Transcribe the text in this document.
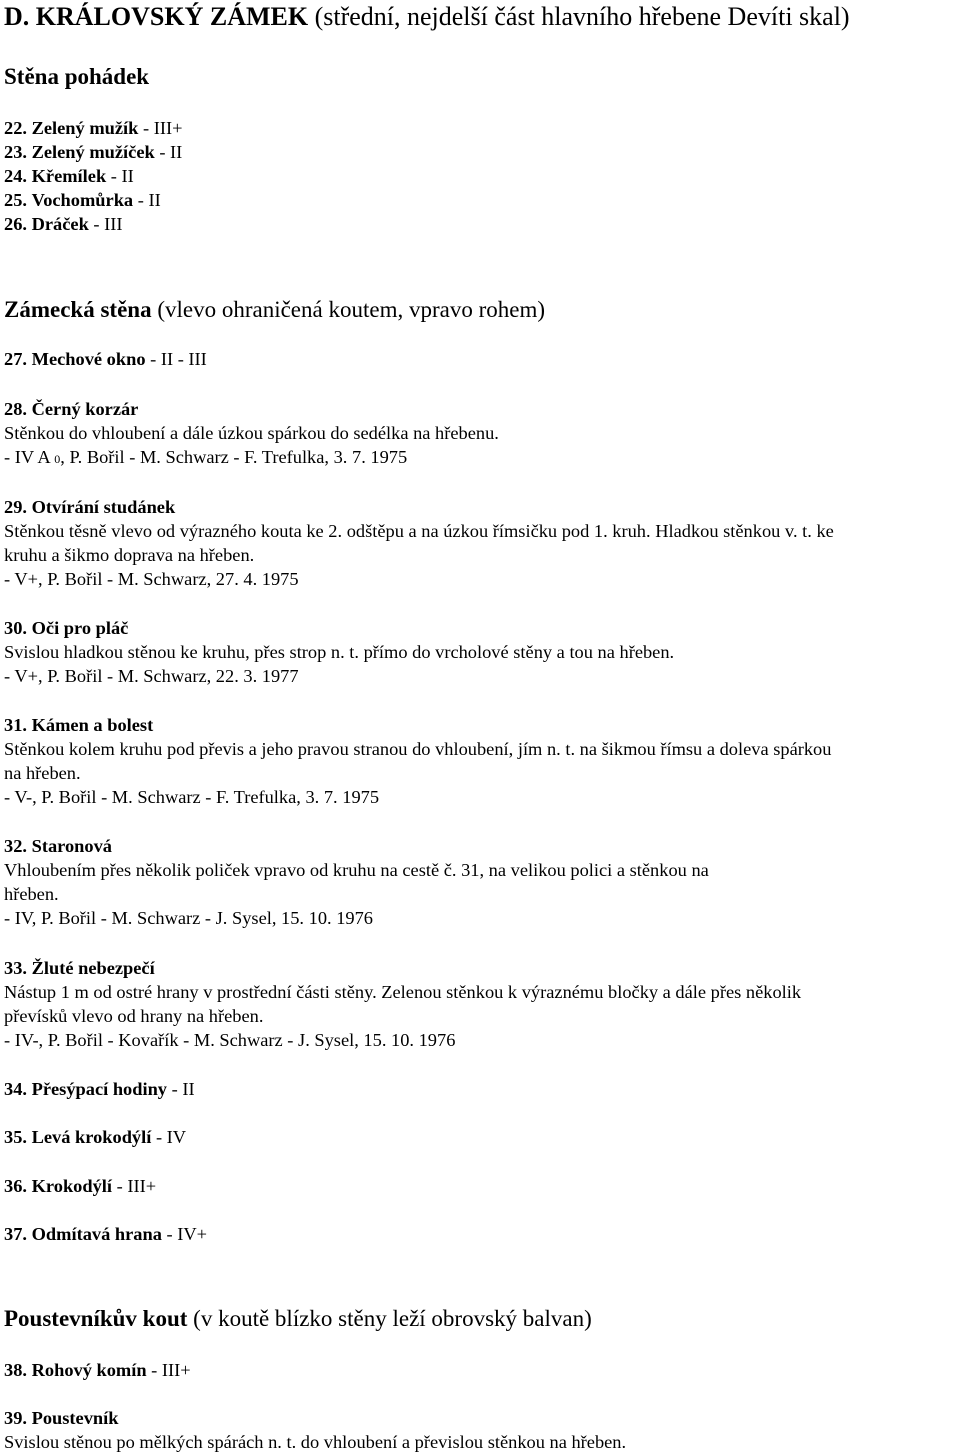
D. KRÁLOVSKÝ ZÁMEK (střední, nejdelší část hlavního hřebene Devíti skal)
Stěna pohádek
22. Zelený mužík - III+
23. Zelený mužíček - II
24. Křemílek - II
25. Vochomůrka - II
26. Dráček - III
Zámecká stěna (vlevo ohraničená koutem, vpravo rohem)
27. Mechové okno - II - III
28. Černý korzár
Stěnkou do vhloubení a dále úzkou spárkou do sedélka na hřebenu.
- IV A 0, P. Bořil - M. Schwarz - F. Trefulka, 3. 7. 1975
29. Otvírání studánek
Stěnkou těsně vlevo od výrazného kouta ke 2. odštěpu a na úzkou římsičku pod 1. kruh. Hladkou stěnkou v. t. ke
kruhu a šikmo doprava na hřeben.
- V+, P. Bořil - M. Schwarz, 27. 4. 1975
30. Oči pro pláč
Svislou hladkou stěnou ke kruhu, přes strop n. t. přímo do vrcholové stěny a tou na hřeben.
- V+, P. Bořil - M. Schwarz, 22. 3. 1977
31. Kámen a bolest
Stěnkou kolem kruhu pod převis a jeho pravou stranou do vhloubení, jím n. t. na šikmou římsu a doleva spárkou
na hřeben.
- V-, P. Bořil - M. Schwarz - F. Trefulka, 3. 7. 1975
32. Staronová
Vhloubením přes několik poliček vpravo od kruhu na cestě č. 31, na velikou polici a stěnkou na
hřeben.
- IV, P. Bořil - M. Schwarz - J. Sysel, 15. 10. 1976
33. Žluté nebezpečí
Nástup 1 m od ostré hrany v prostřední části stěny. Zelenou stěnkou k výraznému bločky a dále přes několik
převísků vlevo od hrany na hřeben.
- IV-, P. Bořil - Kovařík - M. Schwarz - J. Sysel, 15. 10. 1976
34. Přesýpací hodiny - II
35. Levá krokodýlí - IV
36. Krokodýlí - III+
37. Odmítavá hrana - IV+
Poustevníkův kout (v koutě blízko stěny leží obrovský balvan)
38. Rohový komín - III+
39. Poustevník
Svislou stěnou po mělkých spárách n. t. do vhloubení a převislou stěnkou na hřeben.
